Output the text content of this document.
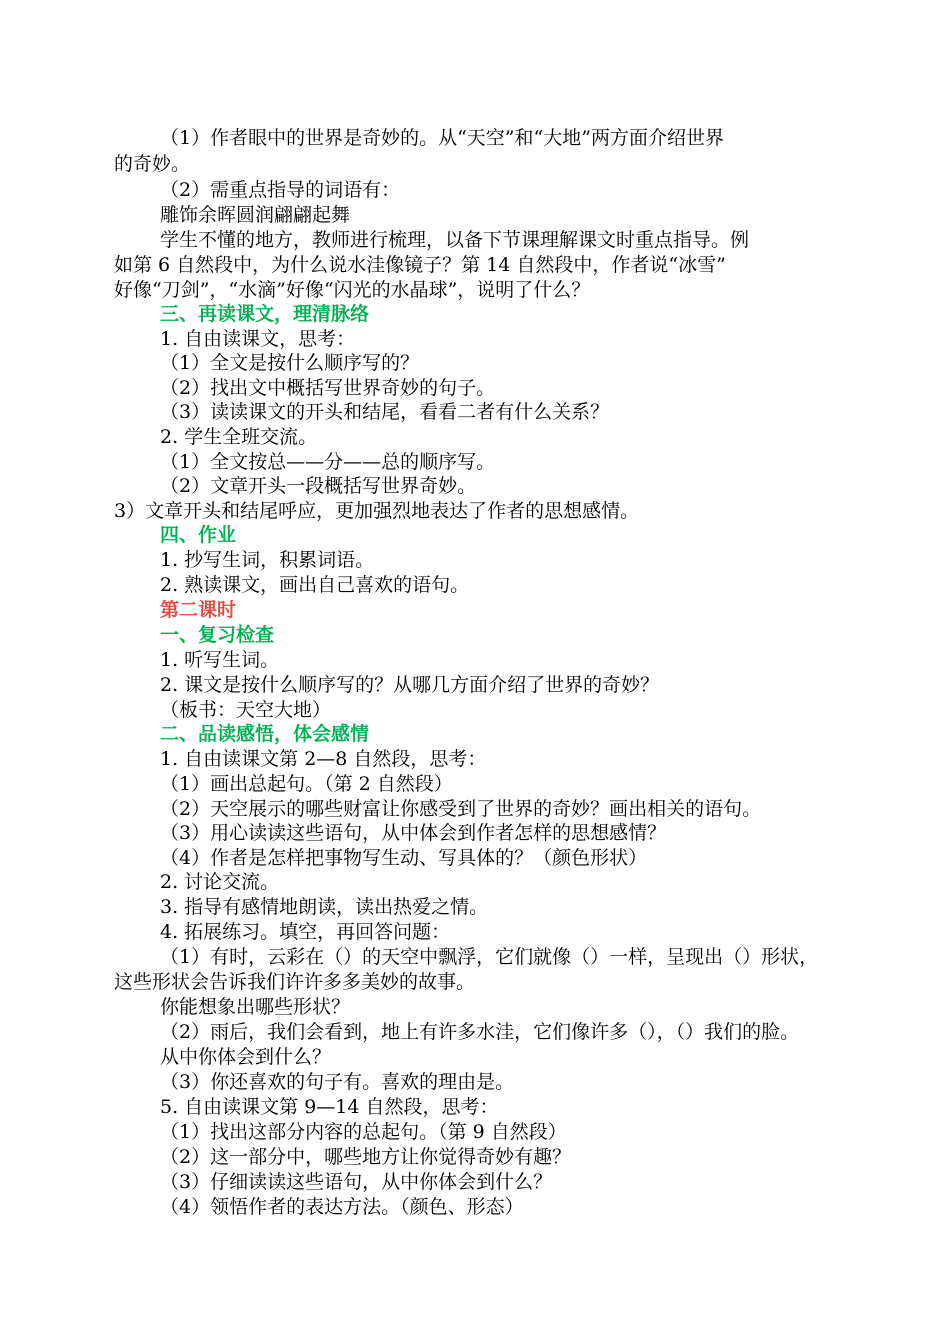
（1）作者眼中的世界是奇妙的。从“天空”和“大地”两方面介绍世界
的奇妙。
（2）需重点指导的词语有：
雕饰余晖圆润翩翩起舞
学生不懂的地方，教师进行梳理，以备下节课理解课文时重点指导。例
如第 6 自然段中，为什么说水洼像镜子？第 14 自然段中，作者说“冰雪”
好像“刀剑”，“水滴”好像“闪光的水晶球”，说明了什么？
三、再读课文，理清脉络
1. 自由读课文，思考：
（1）全文是按什么顺序写的？
（2）找出文中概括写世界奇妙的句子。
（3）读读课文的开头和结尾，看看二者有什么关系？
2. 学生全班交流。
（1）全文按总——分——总的顺序写。
（2）文章开头一段概括写世界奇妙。
3）文章开头和结尾呼应，更加强烈地表达了作者的思想感情。
四、作业
1. 抄写生词，积累词语。
2. 熟读课文，画出自己喜欢的语句。
第二课时
一、复习检查
1. 听写生词。
2. 课文是按什么顺序写的？从哪几方面介绍了世界的奇妙？
（板书：天空大地）
二、品读感悟，体会感情
1. 自由读课文第 2—8 自然段，思考：
（1）画出总起句。（第 2 自然段）
（2）天空展示的哪些财富让你感受到了世界的奇妙？画出相关的语句。
（3）用心读读这些语句，从中体会到作者怎样的思想感情？
（4）作者是怎样把事物写生动、写具体的？（颜色形状）
2. 讨论交流。
3. 指导有感情地朗读，读出热爱之情。
4. 拓展练习。填空，再回答问题：
（1）有时，云彩在（）的天空中飘浮，它们就像（）一样，呈现出（）形状，
这些形状会告诉我们许许多多美妙的故事。
你能想象出哪些形状？
（2）雨后，我们会看到，地上有许多水洼，它们像许多（），（）我们的脸。
从中你体会到什么？
（3）你还喜欢的句子有。喜欢的理由是。
5. 自由读课文第 9—14 自然段，思考：
（1）找出这部分内容的总起句。（第 9 自然段）
（2）这一部分中，哪些地方让你觉得奇妙有趣？
（3）仔细读读这些语句，从中你体会到什么？
（4）领悟作者的表达方法。（颜色、形态）
